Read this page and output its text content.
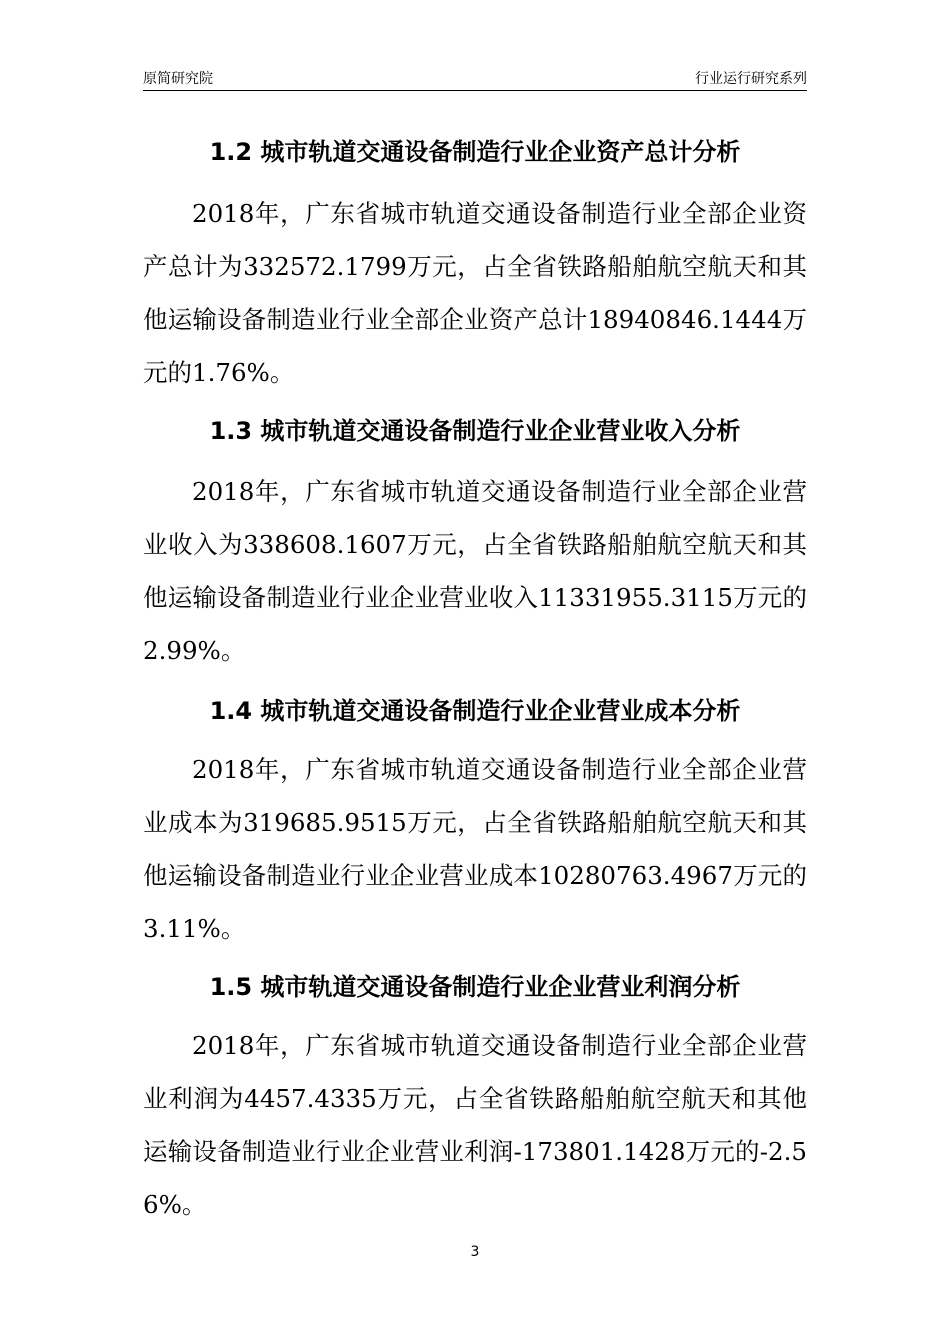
原简研究院	行业运行研究系列
1.2 城市轨道交通设备制造行业企业资产总计分析

2018年，广东省城市轨道交通设备制造行业全部企业资产总计为332572.1799万元，占全省铁路船舶航空航天和其他运输设备制造业行业全部企业资产总计18940846.1444万元的1.76%。

1.3 城市轨道交通设备制造行业企业营业收入分析

2018年，广东省城市轨道交通设备制造行业全部企业营业收入为338608.1607万元，占全省铁路船舶航空航天和其他运输设备制造业行业企业营业收入11331955.3115万元的2.99%。

1.4 城市轨道交通设备制造行业企业营业成本分析

2018年，广东省城市轨道交通设备制造行业全部企业营业成本为319685.9515万元，占全省铁路船舶航空航天和其他运输设备制造业行业企业营业成本10280763.4967万元的3.11%。

1.5 城市轨道交通设备制造行业企业营业利润分析

2018年，广东省城市轨道交通设备制造行业全部企业营业利润为4457.4335万元，占全省铁路船舶航空航天和其他运输设备制造业行业企业营业利润-173801.1428万元的-2.56%。

3
